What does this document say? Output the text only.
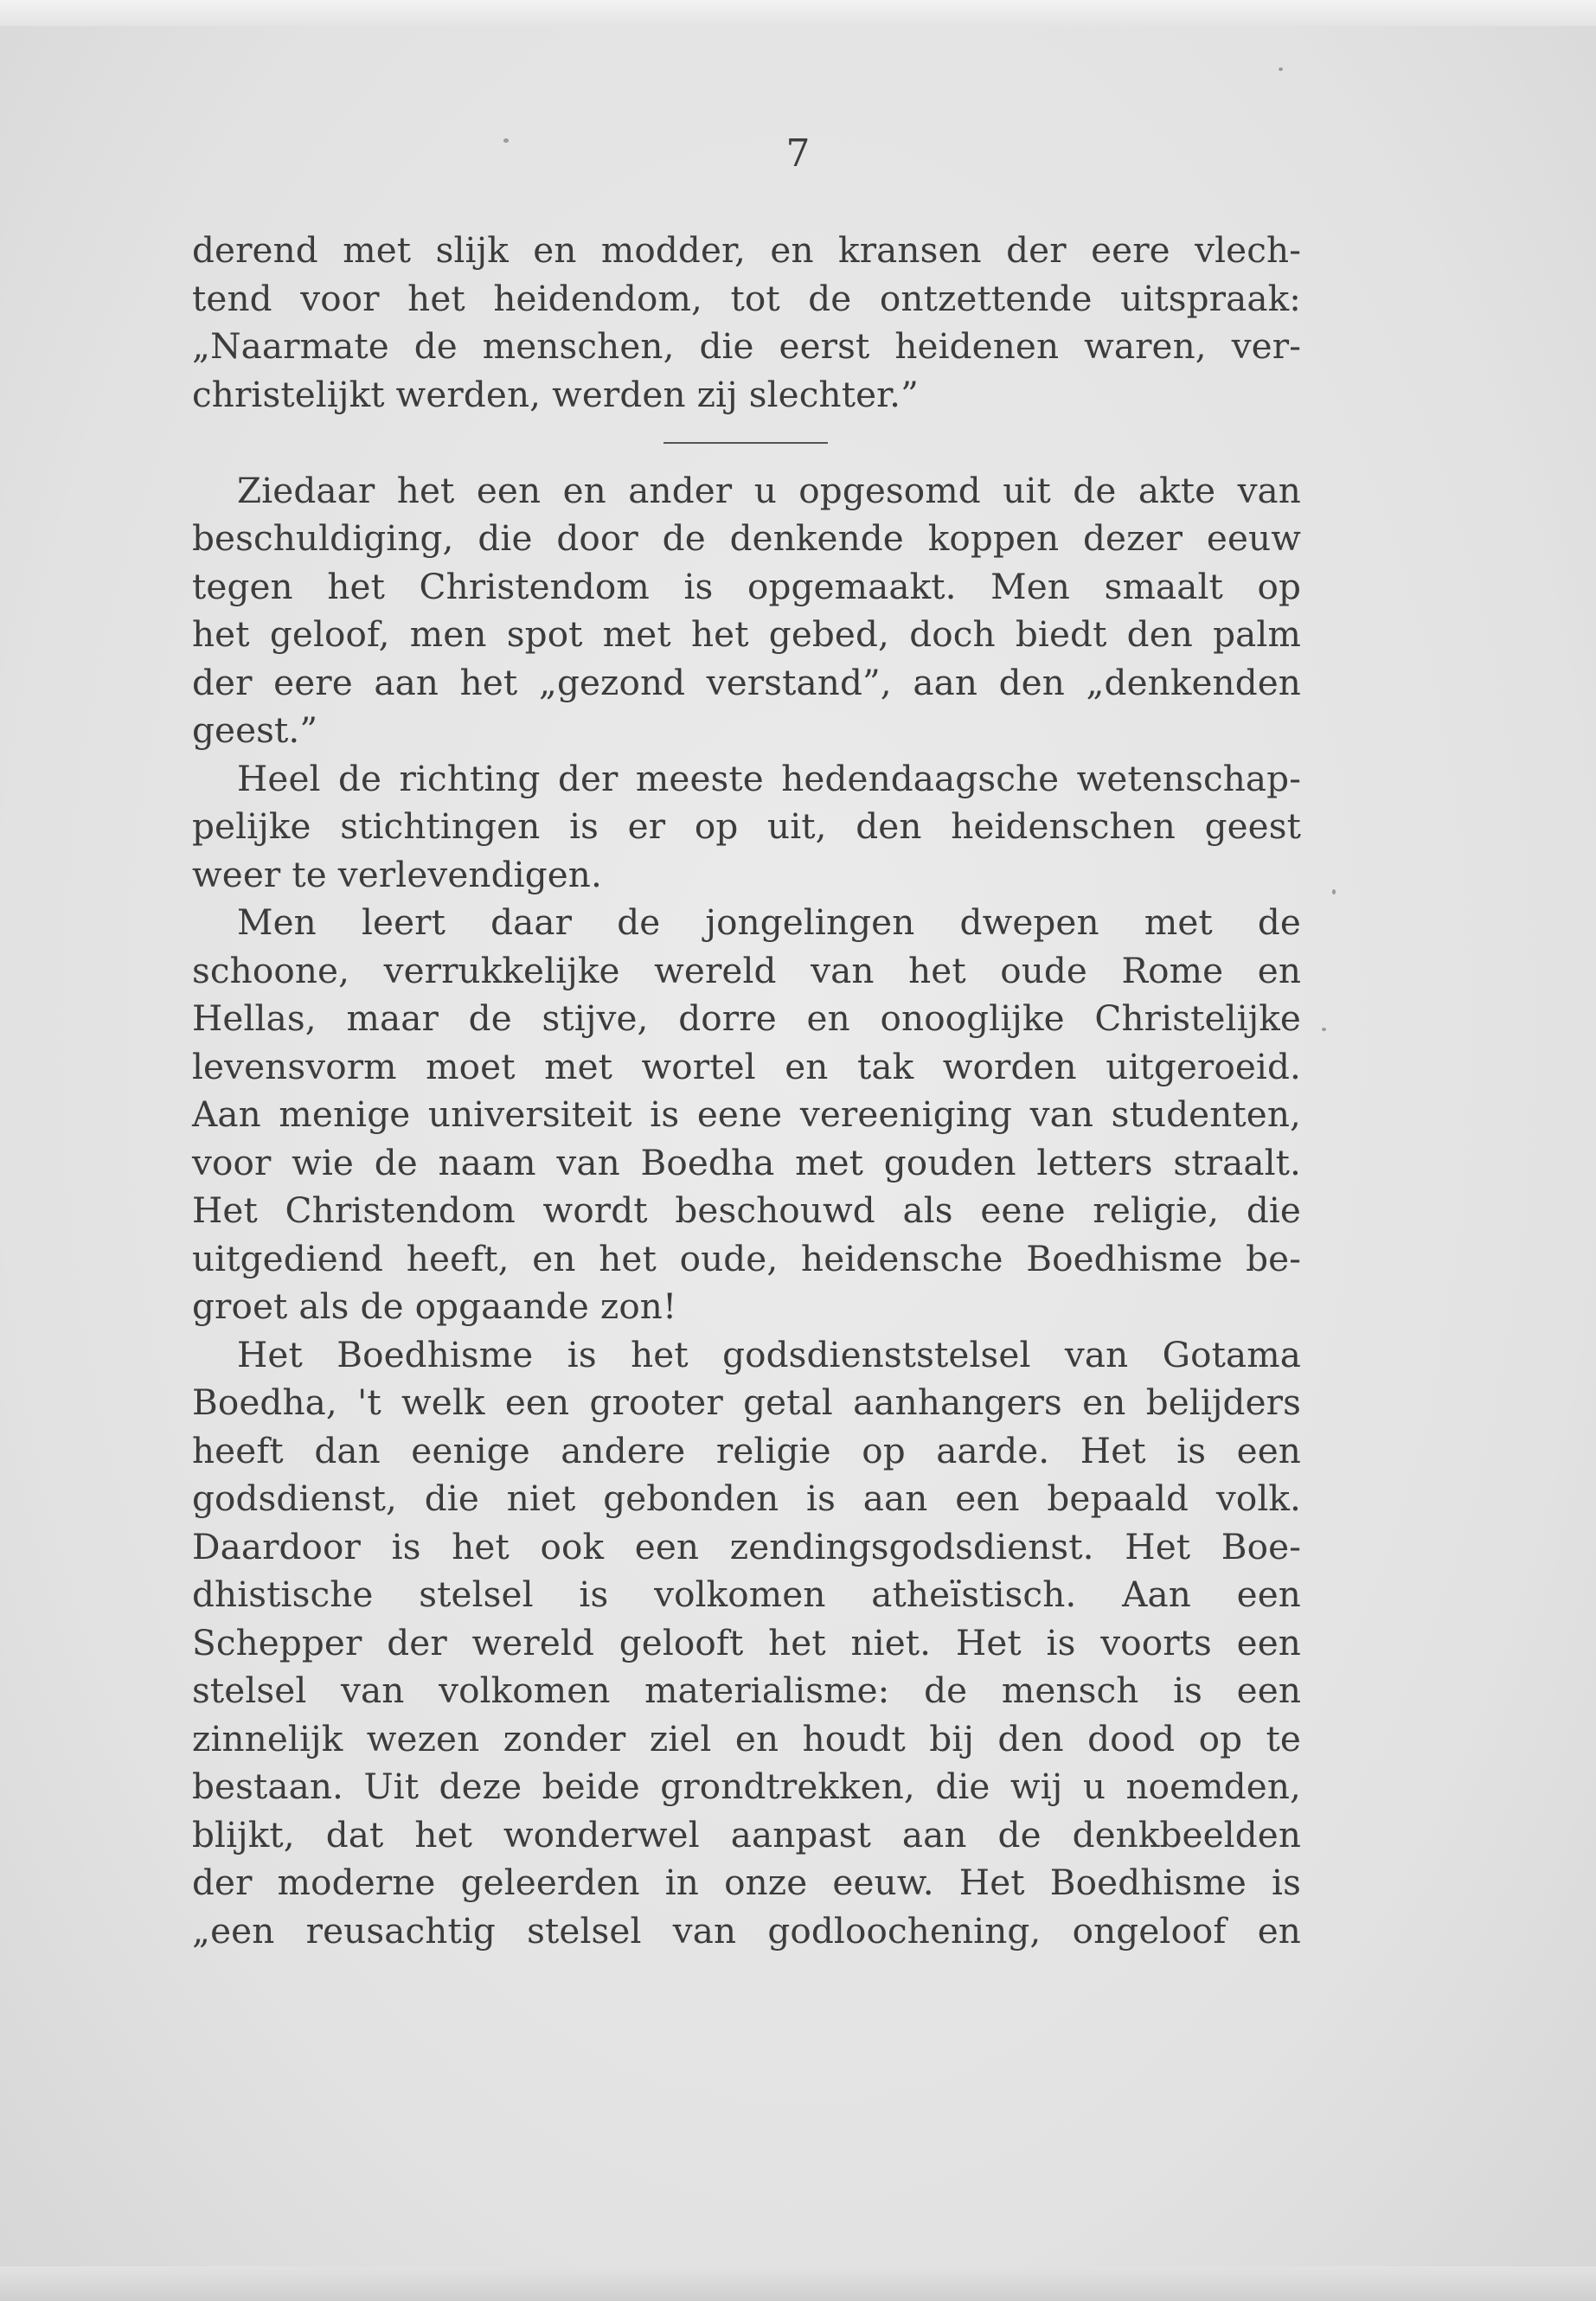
7
derend met slijk en modder, en kransen der eere vlech-
tend voor het heidendom, tot de ontzettende uitspraak:
„Naarmate de menschen, die eerst heidenen waren, ver-
christelijkt werden, werden zij slechter.”
Ziedaar het een en ander u opgesomd uit de akte van
beschuldiging, die door de denkende koppen dezer eeuw
tegen het Christendom is opgemaakt. Men smaalt op
het geloof, men spot met het gebed, doch biedt den palm
der eere aan het „gezond verstand”, aan den „denkenden
geest.”
Heel de richting der meeste hedendaagsche wetenschap-
pelijke stichtingen is er op uit, den heidenschen geest
weer te verlevendigen.
Men leert daar de jongelingen dwepen met de
schoone, verrukkelijke wereld van het oude Rome en
Hellas, maar de stijve, dorre en onooglijke Christelijke
levensvorm moet met wortel en tak worden uitgeroeid.
Aan menige universiteit is eene vereeniging van studenten,
voor wie de naam van Boedha met gouden letters straalt.
Het Christendom wordt beschouwd als eene religie, die
uitgediend heeft, en het oude, heidensche Boedhisme be-
groet als de opgaande zon!
Het Boedhisme is het godsdienststelsel van Gotama
Boedha, 't welk een grooter getal aanhangers en belijders
heeft dan eenige andere religie op aarde. Het is een
godsdienst, die niet gebonden is aan een bepaald volk.
Daardoor is het ook een zendingsgodsdienst. Het Boe-
dhistische stelsel is volkomen atheïstisch. Aan een
Schepper der wereld gelooft het niet. Het is voorts een
stelsel van volkomen materialisme: de mensch is een
zinnelijk wezen zonder ziel en houdt bij den dood op te
bestaan. Uit deze beide grondtrekken, die wij u noemden,
blijkt, dat het wonderwel aanpast aan de denkbeelden
der moderne geleerden in onze eeuw. Het Boedhisme is
„een reusachtig stelsel van godloochening, ongeloof en
